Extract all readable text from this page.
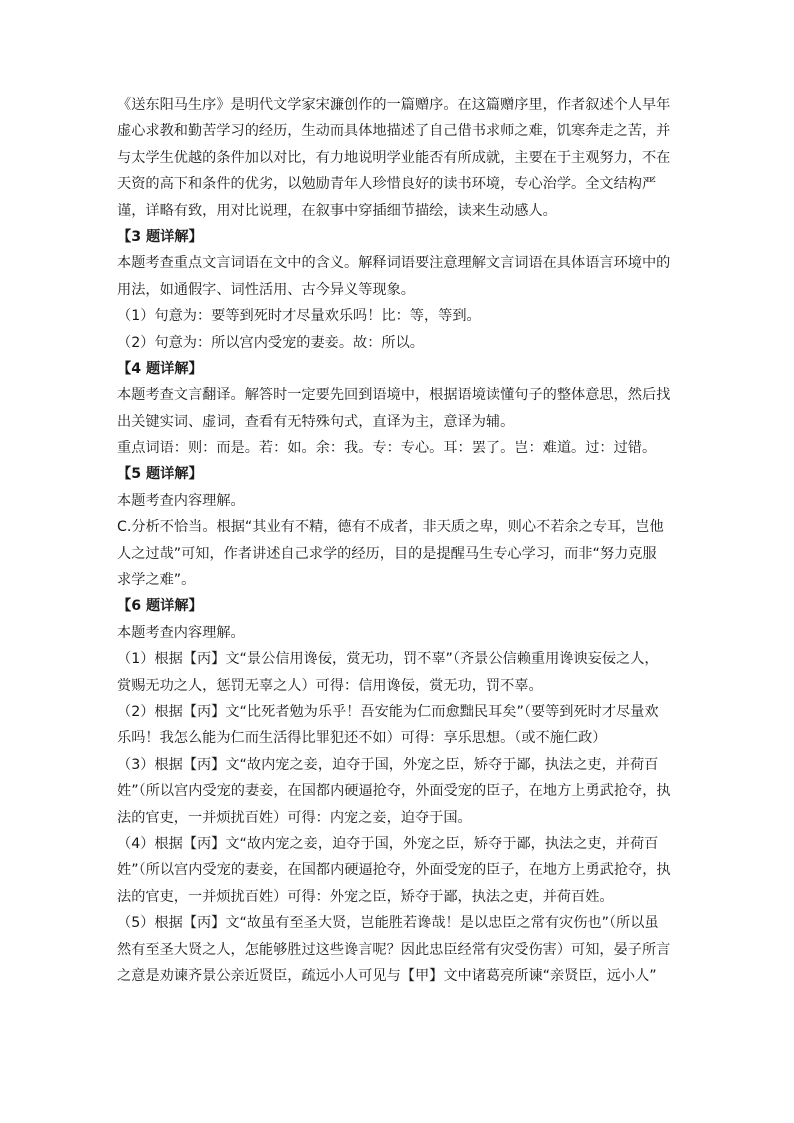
《送东阳马生序》是明代文学家宋濂创作的一篇赠序。在这篇赠序里，作者叙述个人早年
虚心求教和勤苦学习的经历，生动而具体地描述了自己借书求师之难，饥寒奔走之苦，并
与太学生优越的条件加以对比，有力地说明学业能否有所成就，主要在于主观努力，不在
天资的高下和条件的优劣，以勉励青年人珍惜良好的读书环境，专心治学。全文结构严
谨，详略有致，用对比说理，在叙事中穿插细节描绘，读来生动感人。
【3 题详解】
本题考查重点文言词语在文中的含义。解释词语要注意理解文言词语在具体语言环境中的
用法，如通假字、词性活用、古今异义等现象。
（1）句意为：要等到死时才尽量欢乐吗！比：等，等到。
（2）句意为：所以宫内受宠的妻妾。故：所以。
【4 题详解】
本题考查文言翻译。解答时一定要先回到语境中，根据语境读懂句子的整体意思，然后找
出关键实词、虚词，查看有无特殊句式，直译为主，意译为辅。
重点词语：则：而是。若：如。余：我。专：专心。耳：罢了。岂：难道。过：过错。
【5 题详解】
本题考查内容理解。
C.分析不恰当。根据“其业有不精，德有不成者，非天质之卑，则心不若余之专耳，岂他
人之过哉”可知，作者讲述自己求学的经历，目的是提醒马生专心学习，而非“努力克服
求学之难”。
【6 题详解】
本题考查内容理解。
（1）根据【丙】文“景公信用谗佞，赏无功，罚不辜”（齐景公信赖重用谗谀妄佞之人，
赏赐无功之人，惩罚无辜之人）可得：信用谗佞，赏无功，罚不辜。
（2）根据【丙】文“比死者勉为乐乎！吾安能为仁而愈黜民耳矣”（要等到死时才尽量欢
乐吗！我怎么能为仁而生活得比罪犯还不如）可得：享乐思想。（或不施仁政）
（3）根据【丙】文“故内宠之妾，迫夺于国，外宠之臣，矫夺于鄙，执法之吏，并荷百
姓”（所以宫内受宠的妻妾，在国都内硬逼抢夺，外面受宠的臣子，在地方上勇武抢夺，执
法的官吏，一并烦扰百姓）可得：内宠之妾，迫夺于国。
（4）根据【丙】文“故内宠之妾，迫夺于国，外宠之臣，矫夺于鄙，执法之吏，并荷百
姓”（所以宫内受宠的妻妾，在国都内硬逼抢夺，外面受宠的臣子，在地方上勇武抢夺，执
法的官吏，一并烦扰百姓）可得：外宠之臣，矫夺于鄙，执法之吏，并荷百姓。
（5）根据【丙】文“故虽有至圣大贤，岂能胜若谗哉！是以忠臣之常有灾伤也”（所以虽
然有至圣大贤之人，怎能够胜过这些谗言呢？因此忠臣经常有灾受伤害）可知，晏子所言
之意是劝谏齐景公亲近贤臣，疏远小人可见与【甲】文中诸葛亮所谏“亲贤臣，远小人”
